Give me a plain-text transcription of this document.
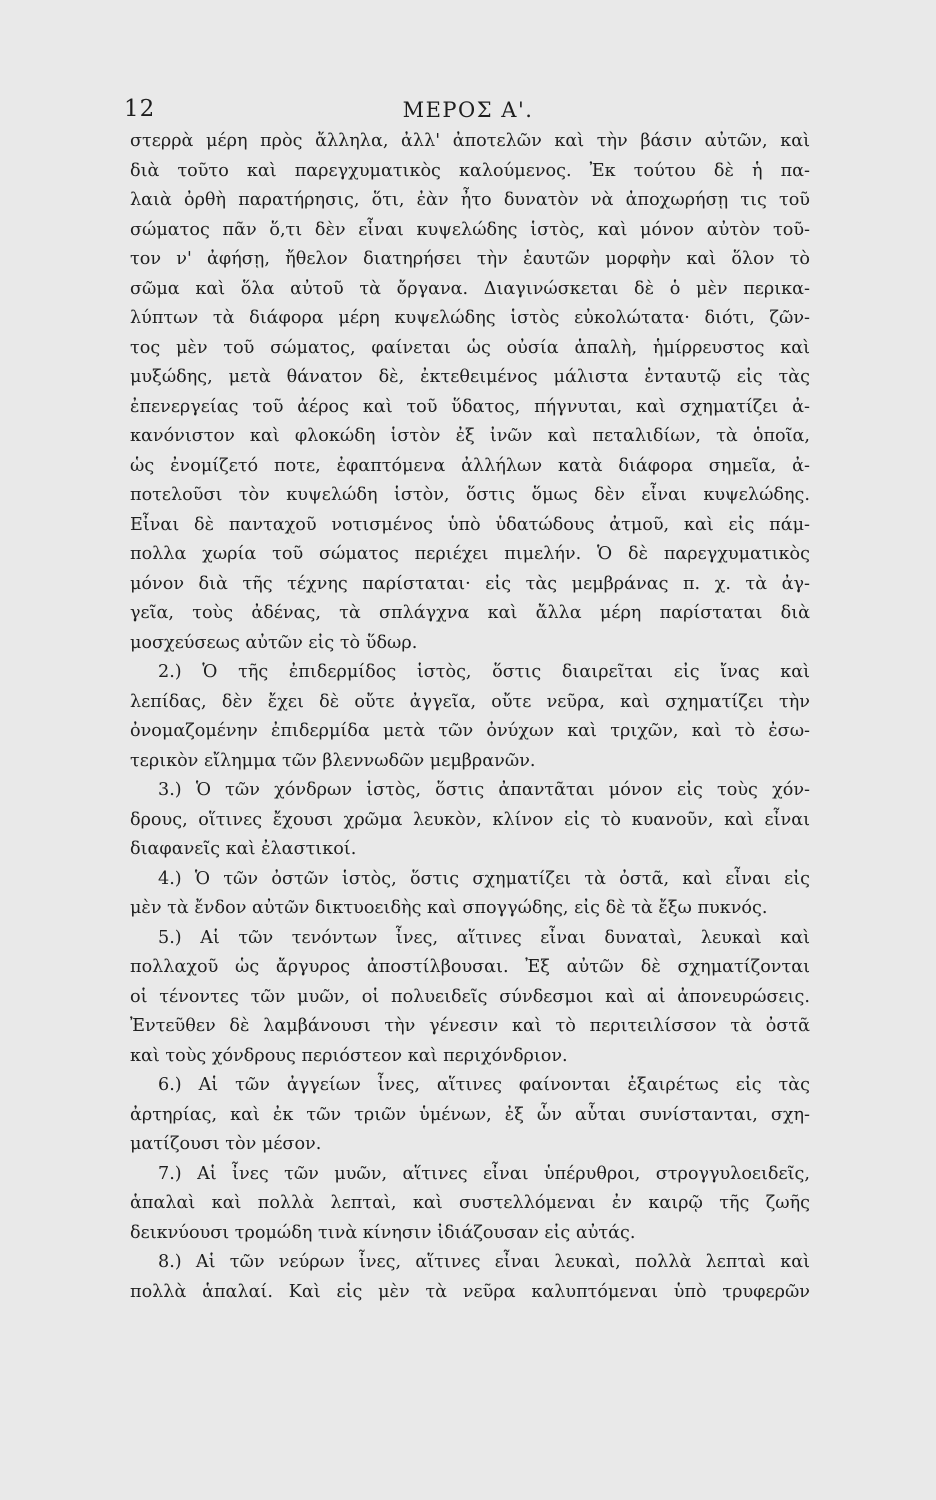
12	ΜΕΡΟΣ Α'.
στερρὰ μέρη πρὸς ἄλληλα, ἀλλ' ἀποτελῶν καὶ τὴν βάσιν αὐτῶν, καὶ
διὰ τοῦτο καὶ παρεγχυματικὸς καλούμενος. Ἐκ τούτου δὲ ἡ πα-
λαιὰ ὀρθὴ παρατήρησις, ὅτι, ἐὰν ἦτο δυνατὸν νὰ ἀποχωρήσῃ τις τοῦ
σώματος πᾶν ὅ,τι δὲν εἶναι κυψελώδης ἱστὸς, καὶ μόνον αὐτὸν τοῦ-
τον ν' ἀφήσῃ, ἤθελον διατηρήσει τὴν ἑαυτῶν μορφὴν καὶ ὅλον τὸ
σῶμα καὶ ὅλα αὐτοῦ τὰ ὄργανα. Διαγινώσκεται δὲ ὁ μὲν περικα-
λύπτων τὰ διάφορα μέρη κυψελώδης ἱστὸς εὐκολώτατα· διότι, ζῶν-
τος μὲν τοῦ σώματος, φαίνεται ὡς οὐσία ἁπαλὴ, ἡμίρρευστος καὶ
μυξώδης, μετὰ θάνατον δὲ, ἐκτεθειμένος μάλιστα ἐνταυτῷ εἰς τὰς
ἐπενεργείας τοῦ ἀέρος καὶ τοῦ ὕδατος, πήγνυται, καὶ σχηματίζει ἀ-
κανόνιστον καὶ φλοκώδη ἱστὸν ἐξ ἰνῶν καὶ πεταλιδίων, τὰ ὁποῖα,
ὡς ἐνομίζετό ποτε, ἐφαπτόμενα ἀλλήλων κατὰ διάφορα σημεῖα, ἀ-
ποτελοῦσι τὸν κυψελώδη ἱστὸν, ὅστις ὅμως δὲν εἶναι κυψελώδης.
Εἶναι δὲ πανταχοῦ νοτισμένος ὑπὸ ὑδατώδους ἀτμοῦ, καὶ εἰς πάμ-
πολλα χωρία τοῦ σώματος περιέχει πιμελήν. Ὁ δὲ παρεγχυματικὸς
μόνον διὰ τῆς τέχνης παρίσταται· εἰς τὰς μεμβράνας π. χ. τὰ ἀγ-
γεῖα, τοὺς ἀδένας, τὰ σπλάγχνα καὶ ἄλλα μέρη παρίσταται διὰ
μοσχεύσεως αὐτῶν εἰς τὸ ὕδωρ.
2.) Ὁ τῆς ἐπιδερμίδος ἱστὸς, ὅστις διαιρεῖται εἰς ἴνας καὶ
λεπίδας, δὲν ἔχει δὲ οὔτε ἀγγεῖα, οὔτε νεῦρα, καὶ σχηματίζει τὴν
ὀνομαζομένην ἐπιδερμίδα μετὰ τῶν ὀνύχων καὶ τριχῶν, καὶ τὸ ἐσω-
τερικὸν εἴλημμα τῶν βλεννωδῶν μεμβρανῶν.
3.) Ὁ τῶν χόνδρων ἱστὸς, ὅστις ἀπαντᾶται μόνον εἰς τοὺς χόν-
δρους, οἵτινες ἔχουσι χρῶμα λευκὸν, κλίνον εἰς τὸ κυανοῦν, καὶ εἶναι
διαφανεῖς καὶ ἐλαστικοί.
4.) Ὁ τῶν ὀστῶν ἱστὸς, ὅστις σχηματίζει τὰ ὀστᾶ, καὶ εἶναι εἰς
μὲν τὰ ἔνδον αὐτῶν δικτυοειδὴς καὶ σπογγώδης, εἰς δὲ τὰ ἔξω πυκνός.
5.) Αἱ τῶν τενόντων ἶνες, αἵτινες εἶναι δυναταὶ, λευκαὶ καὶ
πολλαχοῦ ὡς ἄργυρος ἀποστίλβουσαι. Ἐξ αὐτῶν δὲ σχηματίζονται
οἱ τένοντες τῶν μυῶν, οἱ πολυειδεῖς σύνδεσμοι καὶ αἱ ἀπονευρώσεις.
Ἐντεῦθεν δὲ λαμβάνουσι τὴν γένεσιν καὶ τὸ περιτειλίσσον τὰ ὀστᾶ
καὶ τοὺς χόνδρους περιόστεον καὶ περιχόνδριον.
6.) Αἱ τῶν ἀγγείων ἶνες, αἵτινες φαίνονται ἐξαιρέτως εἰς τὰς
ἀρτηρίας, καὶ ἐκ τῶν τριῶν ὑμένων, ἐξ ὧν αὗται συνίστανται, σχη-
ματίζουσι τὸν μέσον.
7.) Αἱ ἶνες τῶν μυῶν, αἵτινες εἶναι ὑπέρυθροι, στρογγυλοειδεῖς,
ἁπαλαὶ καὶ πολλὰ λεπταὶ, καὶ συστελλόμεναι ἐν καιρῷ τῆς ζωῆς
δεικνύουσι τρομώδη τινὰ κίνησιν ἰδιάζουσαν εἰς αὐτάς.
8.) Αἱ τῶν νεύρων ἶνες, αἵτινες εἶναι λευκαὶ, πολλὰ λεπταὶ καὶ
πολλὰ ἁπαλαί. Καὶ εἰς μὲν τὰ νεῦρα καλυπτόμεναι ὑπὸ τρυφερῶν
